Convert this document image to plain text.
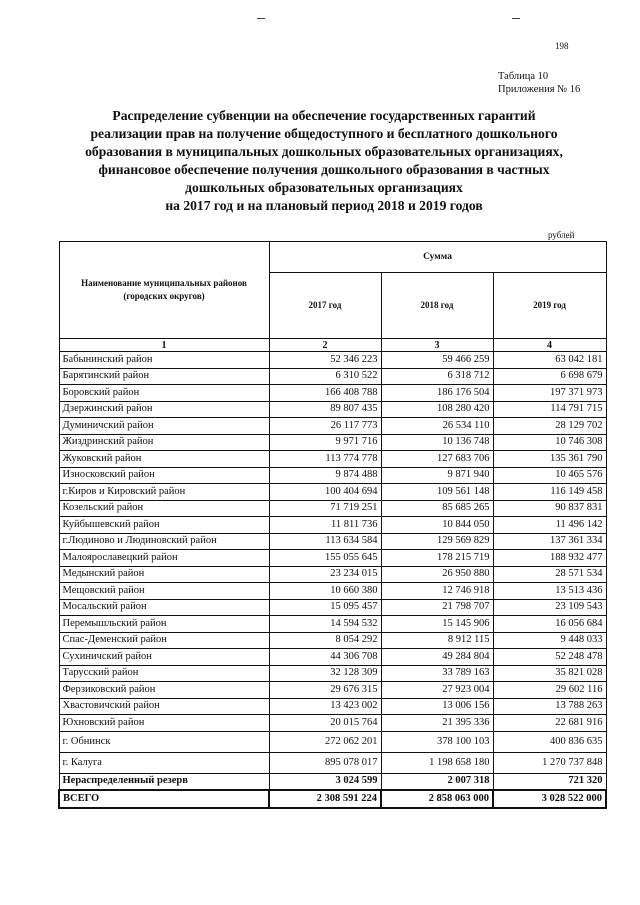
198
Таблица 10
Приложения № 16
Распределение субвенции на обеспечение государственных гарантий
реализации прав на получение общедоступного и бесплатного дошкольного
образования в муниципальных дошкольных образовательных организациях,
финансовое обеспечение получения дошкольного образования в частных
дошкольных образовательных организациях
на 2017 год и на плановый период 2018 и 2019 годов
рублей
Наименование муниципальных районов (городских округов)	Сумма		
	2017 год	2018 год	2019 год
1	2	3	4
Бабынинский район	52 346 223	59 466 259	63 042 181
Барятинский район	6 310 522	6 318 712	6 698 679
Боровский район	166 408 788	186 176 504	197 371 973
Дзержинский район	89 807 435	108 280 420	114 791 715
Думиничский район	26 117 773	26 534 110	28 129 702
Жиздринский район	9 971 716	10 136 748	10 746 308
Жуковский район	113 774 778	127 683 706	135 361 790
Износковский район	9 874 488	9 871 940	10 465 576
г.Киров и Кировский район	100 404 694	109 561 148	116 149 458
Козельский район	71 719 251	85 685 265	90 837 831
Куйбышевский район	11 811 736	10 844 050	11 496 142
г.Людиново и Людиновский район	113 634 584	129 569 829	137 361 334
Малоярославецкий район	155 055 645	178 215 719	188 932 477
Медынский район	23 234 015	26 950 880	28 571 534
Мещовский район	10 660 380	12 746 918	13 513 436
Мосальский район	15 095 457	21 798 707	23 109 543
Перемышльский район	14 594 532	15 145 906	16 056 684
Спас-Деменский район	8 054 292	8 912 115	9 448 033
Сухиничский район	44 306 708	49 284 804	52 248 478
Тарусский район	32 128 309	33 789 163	35 821 028
Ферзиковский район	29 676 315	27 923 004	29 602 116
Хвастовичский район	13 423 002	13 006 156	13 788 263
Юхновский район	20 015 764	21 395 336	22 681 916
г. Обнинск	272 062 201	378 100 103	400 836 635
г. Калуга	895 078 017	1 198 658 180	1 270 737 848
Нераспределенный резерв	3 024 599	2 007 318	721 320
ВСЕГО	2 308 591 224	2 858 063 000	3 028 522 000
